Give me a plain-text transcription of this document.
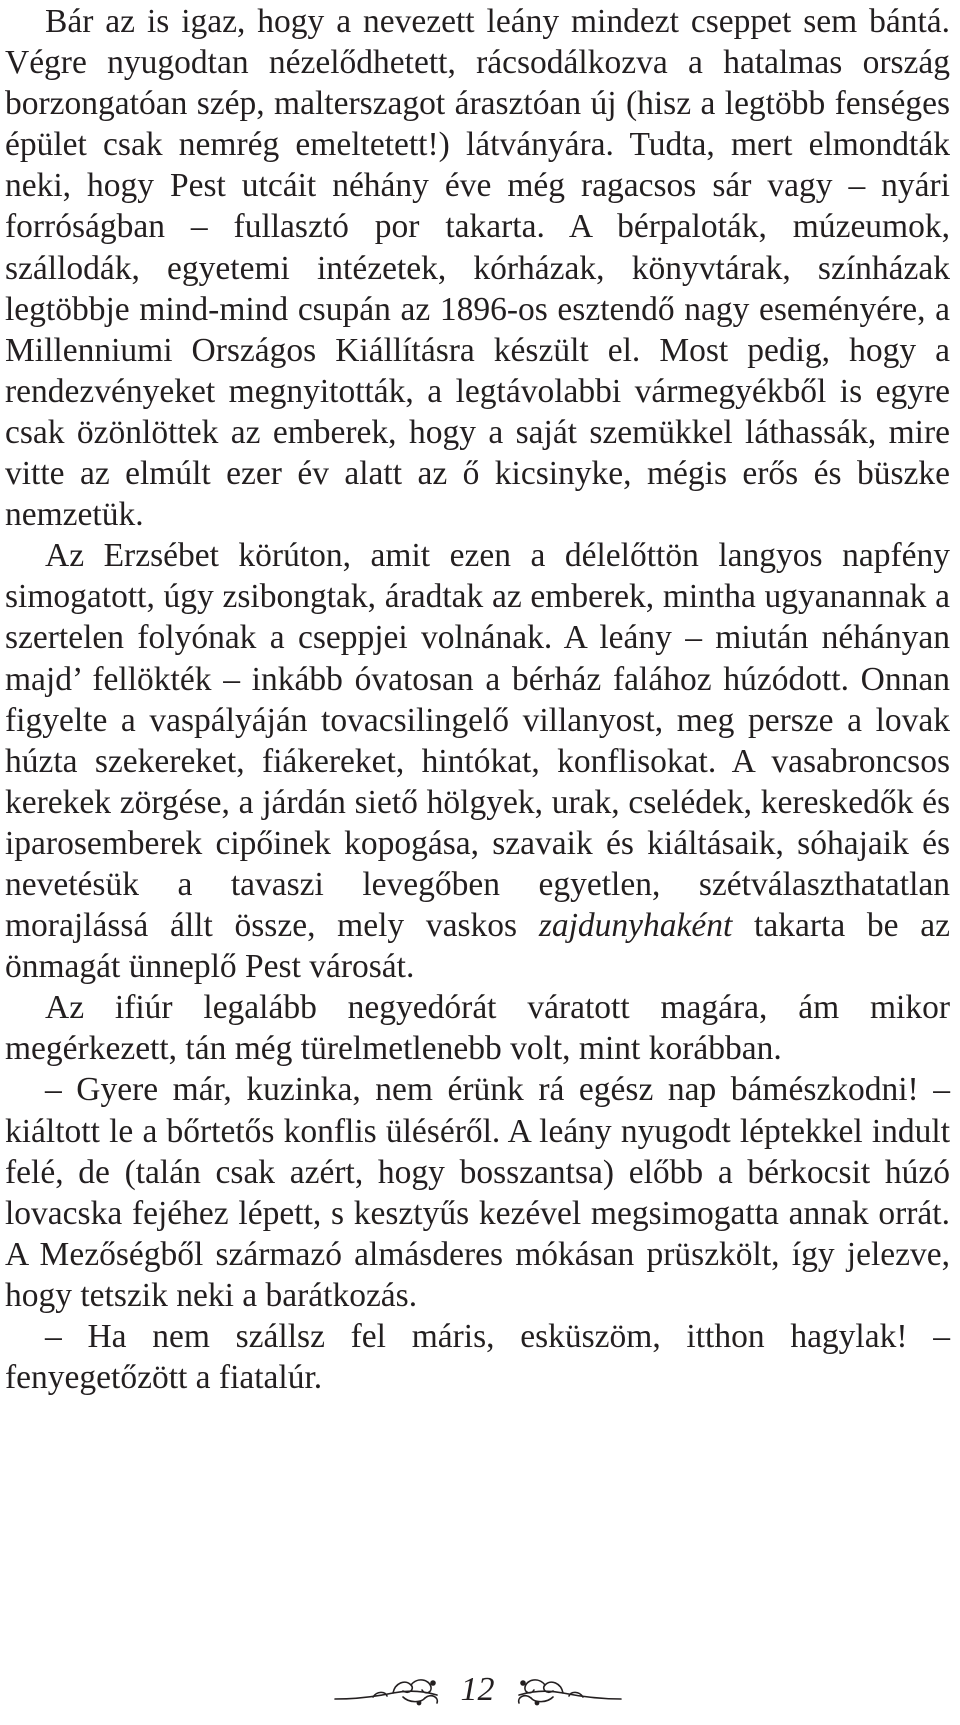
Bár az is igaz, hogy a nevezett leány mindezt cseppet sem bántá. Végre nyugodtan nézelődhetett, rácsodálkozva a hatalmas ország borzongatóan szép, malterszagot árasztóan új (hisz a legtöbb fenséges épület csak nemrég emeltetett!) látványára. Tudta, mert elmondták neki, hogy Pest utcáit néhány éve még ragacsos sár vagy – nyári forróságban – fullasztó por takarta. A bérpaloták, múzeumok, szállodák, egyetemi intézetek, kórházak, könyvtárak, színházak legtöbbje mind-mind csupán az 1896-os esztendő nagy eseményére, a Millenniumi Országos Kiállításra készült el. Most pedig, hogy a rendezvényeket megnyitották, a legtávolabbi vármegyékből is egyre csak özönlöttek az emberek, hogy a saját szemükkel láthassák, mire vitte az elmúlt ezer év alatt az ő kicsinyke, mégis erős és büszke nemzetük.

Az Erzsébet körúton, amit ezen a délelőttön langyos napfény simogatott, úgy zsibongtak, áradtak az emberek, mintha ugyanannak a szertelen folyónak a cseppjei volnának. A leány – miután néhányan majd’ fellökték – inkább óvatosan a bérház falához húzódott. Onnan figyelte a vaspályáján tovacsilingelő villanyost, meg persze a lovak húzta szekereket, fiákereket, hintókat, konflisokat. A vasabroncsos kerekek zörgése, a járdán siető hölgyek, urak, cselédek, kereskedők és iparosemberek cipőinek kopogása, szavaik és kiáltásaik, sóhajaik és nevetésük a tavaszi levegőben egyetlen, szétválaszthatatlan morajlássá állt össze, mely vaskos zajdunyhaként takarta be az önmagát ünneplő Pest városát.

Az ifiúr legalább negyedórát váratott magára, ám mikor megérkezett, tán még türelmetlenebb volt, mint korábban.

– Gyere már, kuzinka, nem érünk rá egész nap bámészkodni! – kiáltott le a bőrtetős konflis üléséről. A leány nyugodt léptekkel indult felé, de (talán csak azért, hogy bosszantsa) előbb a bérkocsit húzó lovacska fejéhez lépett, s kesztyűs kezével megsimogatta annak orrát. A Mezőségből származó almásderes mókásan prüszkölt, így jelezve, hogy tetszik neki a barátkozás.

– Ha nem szállsz fel máris, esküszöm, itthon hagylak! – fenyegetőzött a fiatalúr.

12
